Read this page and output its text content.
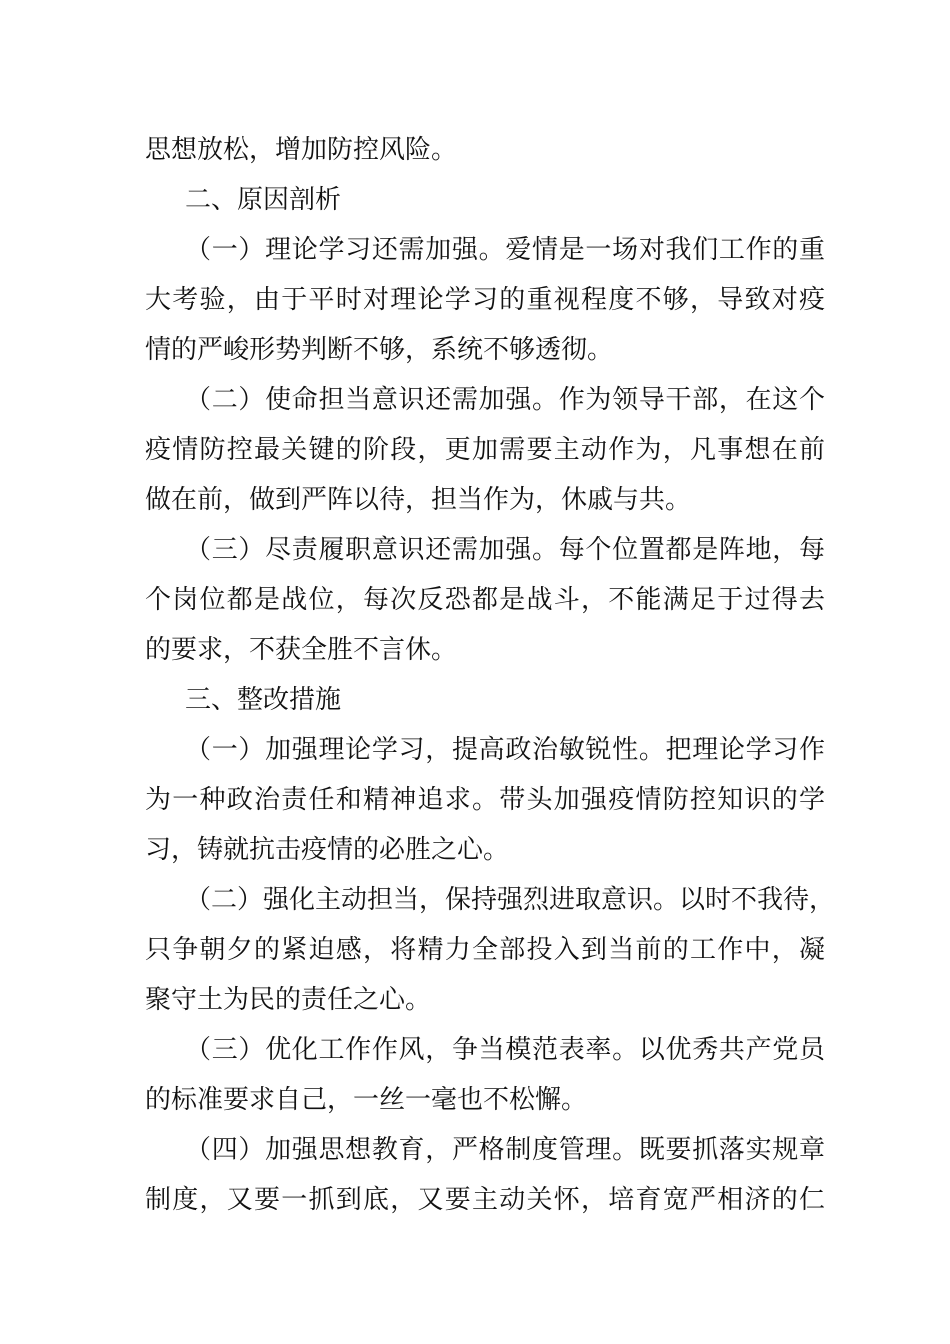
思想放松，增加防控风险。
二、原因剖析
（一）理论学习还需加强。爱情是一场对我们工作的重
大考验，由于平时对理论学习的重视程度不够，导致对疫
情的严峻形势判断不够，系统不够透彻。
（二）使命担当意识还需加强。作为领导干部，在这个
疫情防控最关键的阶段，更加需要主动作为，凡事想在前
做在前，做到严阵以待，担当作为，休戚与共。
（三）尽责履职意识还需加强。每个位置都是阵地，每
个岗位都是战位，每次反恐都是战斗，不能满足于过得去
的要求，不获全胜不言休。
三、整改措施
（一）加强理论学习，提高政治敏锐性。把理论学习作
为一种政治责任和精神追求。带头加强疫情防控知识的学
习，铸就抗击疫情的必胜之心。
（二）强化主动担当，保持强烈进取意识。以时不我待，
只争朝夕的紧迫感，将精力全部投入到当前的工作中，凝
聚守土为民的责任之心。
（三）优化工作作风，争当模范表率。以优秀共产党员
的标准要求自己，一丝一毫也不松懈。
（四）加强思想教育，严格制度管理。既要抓落实规章
制度，又要一抓到底，又要主动关怀，培育宽严相济的仁
